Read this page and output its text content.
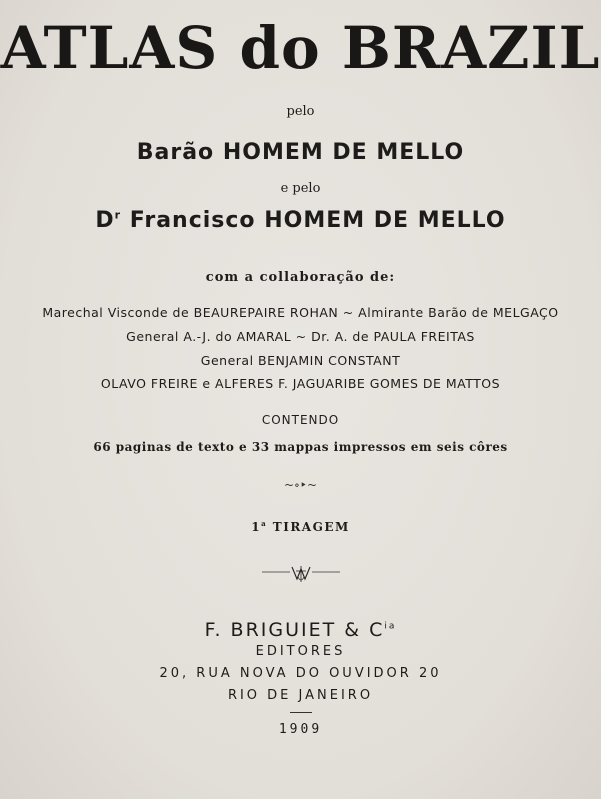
ATLAS do BRAZIL
pelo
Barão HOMEM DE MELLO
e pelo
$D^r$ Francisco HOMEM DE MELLO
com a collaboração de:
Marechal Visconde de BEAUREPAIRE ROHAN ~ Almirante Barão de MELGAÇO
General A.-J. do AMARAL ~ Dr. A. de PAULA FREITAS
General BENJAMIN CONSTANT
OLAVO FREIRE e ALFERES F. JAGUARIBE GOMES DE MATTOS
CONTENDO
66 paginas de texto e 33 mappas impressos em seis côres
~∘‣~
1$^a$ TIRAGEM
F. BRIGUIET & $C^{ia}$
EDITORES
20, RUA NOVA DO OUVIDOR 20
RIO DE JANEIRO
1909
